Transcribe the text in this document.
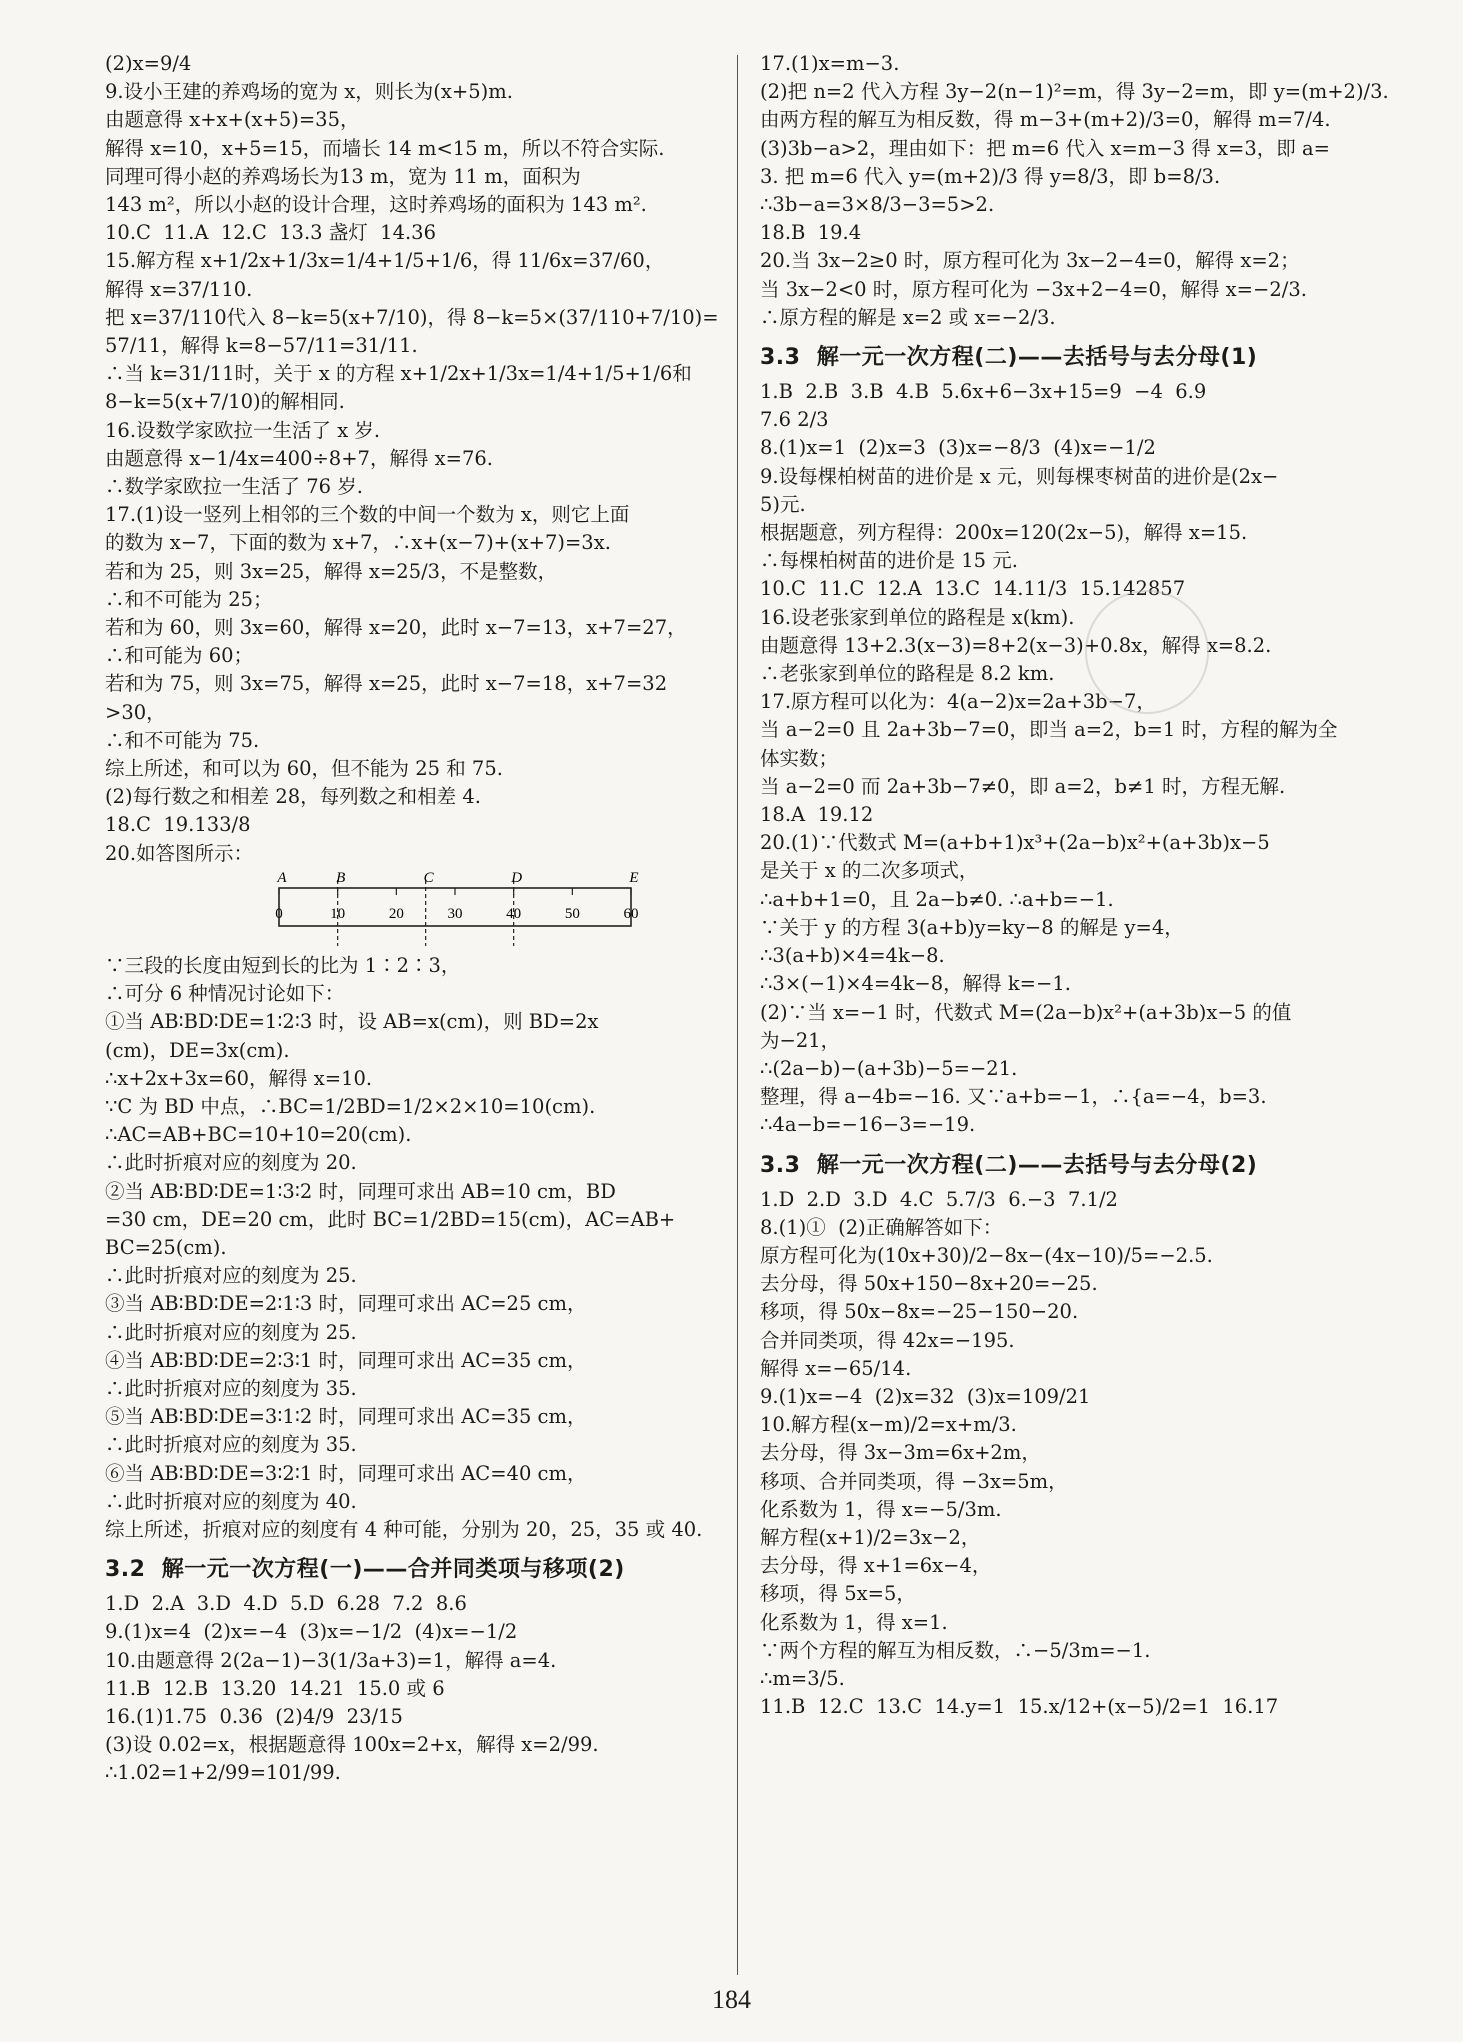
(2)x=9/4
9.设小王建的养鸡场的宽为 x，则长为(x+5)m.
由题意得 x+x+(x+5)=35，
解得 x=10，x+5=15，而墙长 14 m<15 m，所以不符合实际.
同理可得小赵的养鸡场长为13 m，宽为 11 m，面积为
143 m²，所以小赵的设计合理，这时养鸡场的面积为 143 m².
10.C  11.A  12.C  13.3 盏灯  14.36
15.解方程 x+1/2x+1/3x=1/4+1/5+1/6，得 11/6x=37/60，
解得 x=37/110.
把 x=37/110代入 8−k=5(x+7/10)，得 8−k=5×(37/110+7/10)=
57/11，解得 k=8−57/11=31/11.
∴当 k=31/11时，关于 x 的方程 x+1/2x+1/3x=1/4+1/5+1/6和
8−k=5(x+7/10)的解相同.
16.设数学家欧拉一生活了 x 岁.
由题意得 x−1/4x=400÷8+7，解得 x=76.
∴数学家欧拉一生活了 76 岁.
17.(1)设一竖列上相邻的三个数的中间一个数为 x，则它上面
的数为 x−7，下面的数为 x+7，∴x+(x−7)+(x+7)=3x.
若和为 25，则 3x=25，解得 x=25/3，不是整数，
∴和不可能为 25；
若和为 60，则 3x=60，解得 x=20，此时 x−7=13，x+7=27，
∴和可能为 60；
若和为 75，则 3x=75，解得 x=25，此时 x−7=18，x+7=32
>30，
∴和不可能为 75.
综上所述，和可以为 60，但不能为 25 和 75.
(2)每行数之和相差 28，每列数之和相差 4.
18.C  19.133/8
20.如答图所示：
0	10	20	30	40	50	60
A	B	C	D	E
∵三段的长度由短到长的比为 1∶2∶3，
∴可分 6 种情况讨论如下：
①当 AB∶BD∶DE=1∶2∶3 时，设 AB=x(cm)，则 BD=2x
(cm)，DE=3x(cm).
∴x+2x+3x=60，解得 x=10.
∵C 为 BD 中点，∴BC=1/2BD=1/2×2×10=10(cm).
∴AC=AB+BC=10+10=20(cm).
∴此时折痕对应的刻度为 20.
②当 AB∶BD∶DE=1∶3∶2 时，同理可求出 AB=10 cm，BD
=30 cm，DE=20 cm，此时 BC=1/2BD=15(cm)，AC=AB+
BC=25(cm).
∴此时折痕对应的刻度为 25.
③当 AB∶BD∶DE=2∶1∶3 时，同理可求出 AC=25 cm，
∴此时折痕对应的刻度为 25.
④当 AB∶BD∶DE=2∶3∶1 时，同理可求出 AC=35 cm，
∴此时折痕对应的刻度为 35.
⑤当 AB∶BD∶DE=3∶1∶2 时，同理可求出 AC=35 cm，
∴此时折痕对应的刻度为 35.
⑥当 AB∶BD∶DE=3∶2∶1 时，同理可求出 AC=40 cm，
∴此时折痕对应的刻度为 40.
综上所述，折痕对应的刻度有 4 种可能，分别为 20，25，35 或 40.
3.2  解一元一次方程(一)——合并同类项与移项(2)
1.D  2.A  3.D  4.D  5.D  6.28  7.2  8.6
9.(1)x=4  (2)x=−4  (3)x=−1/2  (4)x=−1/2
10.由题意得 2(2a−1)−3(1/3a+3)=1，解得 a=4.
11.B  12.B  13.20  14.21  15.0 或 6
16.(1)1.75  0.36  (2)4/9  23/15
(3)设 0.02=x，根据题意得 100x=2+x，解得 x=2/99.
∴1.02=1+2/99=101/99.
17.(1)x=m−3.
(2)把 n=2 代入方程 3y−2(n−1)²=m，得 3y−2=m，即 y=(m+2)/3.
由两方程的解互为相反数，得 m−3+(m+2)/3=0，解得 m=7/4.
(3)3b−a>2，理由如下：把 m=6 代入 x=m−3 得 x=3，即 a=
3. 把 m=6 代入 y=(m+2)/3 得 y=8/3，即 b=8/3.
∴3b−a=3×8/3−3=5>2.
18.B  19.4
20.当 3x−2≥0 时，原方程可化为 3x−2−4=0，解得 x=2；
当 3x−2<0 时，原方程可化为 −3x+2−4=0，解得 x=−2/3.
∴原方程的解是 x=2 或 x=−2/3.
3.3  解一元一次方程(二)——去括号与去分母(1)
1.B  2.B  3.B  4.B  5.6x+6−3x+15=9  −4  6.9
7.6 2/3
8.(1)x=1  (2)x=3  (3)x=−8/3  (4)x=−1/2
9.设每棵柏树苗的进价是 x 元，则每棵枣树苗的进价是(2x−
5)元.
根据题意，列方程得：200x=120(2x−5)，解得 x=15.
∴每棵柏树苗的进价是 15 元.
10.C  11.C  12.A  13.C  14.11/3  15.142857
16.设老张家到单位的路程是 x(km).
由题意得 13+2.3(x−3)=8+2(x−3)+0.8x，解得 x=8.2.
∴老张家到单位的路程是 8.2 km.
17.原方程可以化为：4(a−2)x=2a+3b−7，
当 a−2=0 且 2a+3b−7=0，即当 a=2，b=1 时，方程的解为全
体实数；
当 a−2=0 而 2a+3b−7≠0，即 a=2，b≠1 时，方程无解.
18.A  19.12
20.(1)∵代数式 M=(a+b+1)x³+(2a−b)x²+(a+3b)x−5
是关于 x 的二次多项式，
∴a+b+1=0，且 2a−b≠0. ∴a+b=−1.
∵关于 y 的方程 3(a+b)y=ky−8 的解是 y=4，
∴3(a+b)×4=4k−8.
∴3×(−1)×4=4k−8，解得 k=−1.
(2)∵当 x=−1 时，代数式 M=(2a−b)x²+(a+3b)x−5 的值
为−21，
∴(2a−b)−(a+3b)−5=−21.
整理，得 a−4b=−16. 又∵a+b=−1，∴{a=−4，b=3.
∴4a−b=−16−3=−19.
3.3  解一元一次方程(二)——去括号与去分母(2)
1.D  2.D  3.D  4.C  5.7/3  6.−3  7.1/2
8.(1)①  (2)正确解答如下：
原方程可化为(10x+30)/2−8x−(4x−10)/5=−2.5.
去分母，得 50x+150−8x+20=−25.
移项，得 50x−8x=−25−150−20.
合并同类项，得 42x=−195.
解得 x=−65/14.
9.(1)x=−4  (2)x=32  (3)x=109/21
10.解方程(x−m)/2=x+m/3.
去分母，得 3x−3m=6x+2m，
移项、合并同类项，得 −3x=5m，
化系数为 1，得 x=−5/3m.
解方程(x+1)/2=3x−2，
去分母，得 x+1=6x−4，
移项，得 5x=5，
化系数为 1，得 x=1.
∵两个方程的解互为相反数，∴−5/3m=−1.
∴m=3/5.
11.B  12.C  13.C  14.y=1  15.x/12+(x−5)/2=1  16.17
184
